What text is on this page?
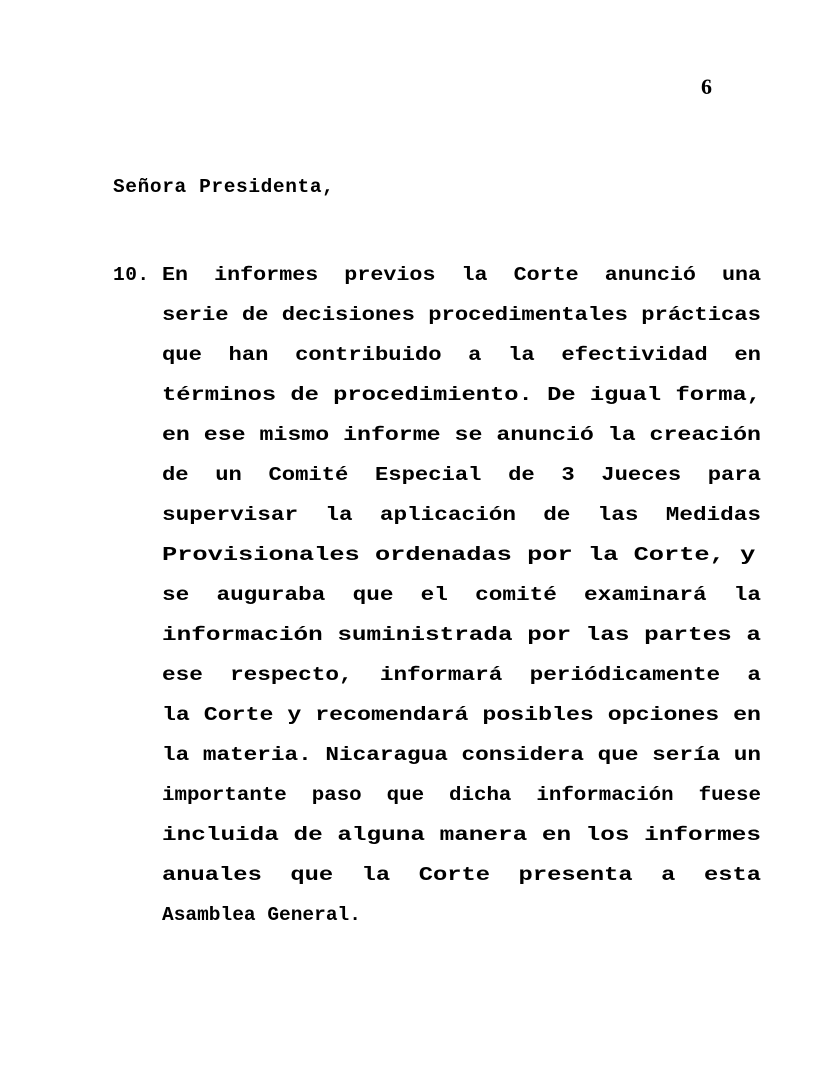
6
Señora Presidenta,
10. En  informes  previos  la  Corte  anunció  una
serie de decisiones procedimentales prácticas
que  han  contribuido  a  la  efectividad  en
términos de procedimiento. De igual forma,
en ese mismo informe se anunció la creación
de  un  Comité  Especial  de  3  Jueces  para
supervisar  la  aplicación  de  las  Medidas
Provisionales ordenadas por la Corte, y
se  auguraba  que  el  comité  examinará  la
información suministrada por las partes a
ese  respecto,  informará  periódicamente  a
la Corte y recomendará posibles opciones en
la materia. Nicaragua considera que sería un
importante  paso  que  dicha  información  fuese
incluida de alguna manera en los informes
anuales  que  la  Corte  presenta  a  esta
Asamblea General.
